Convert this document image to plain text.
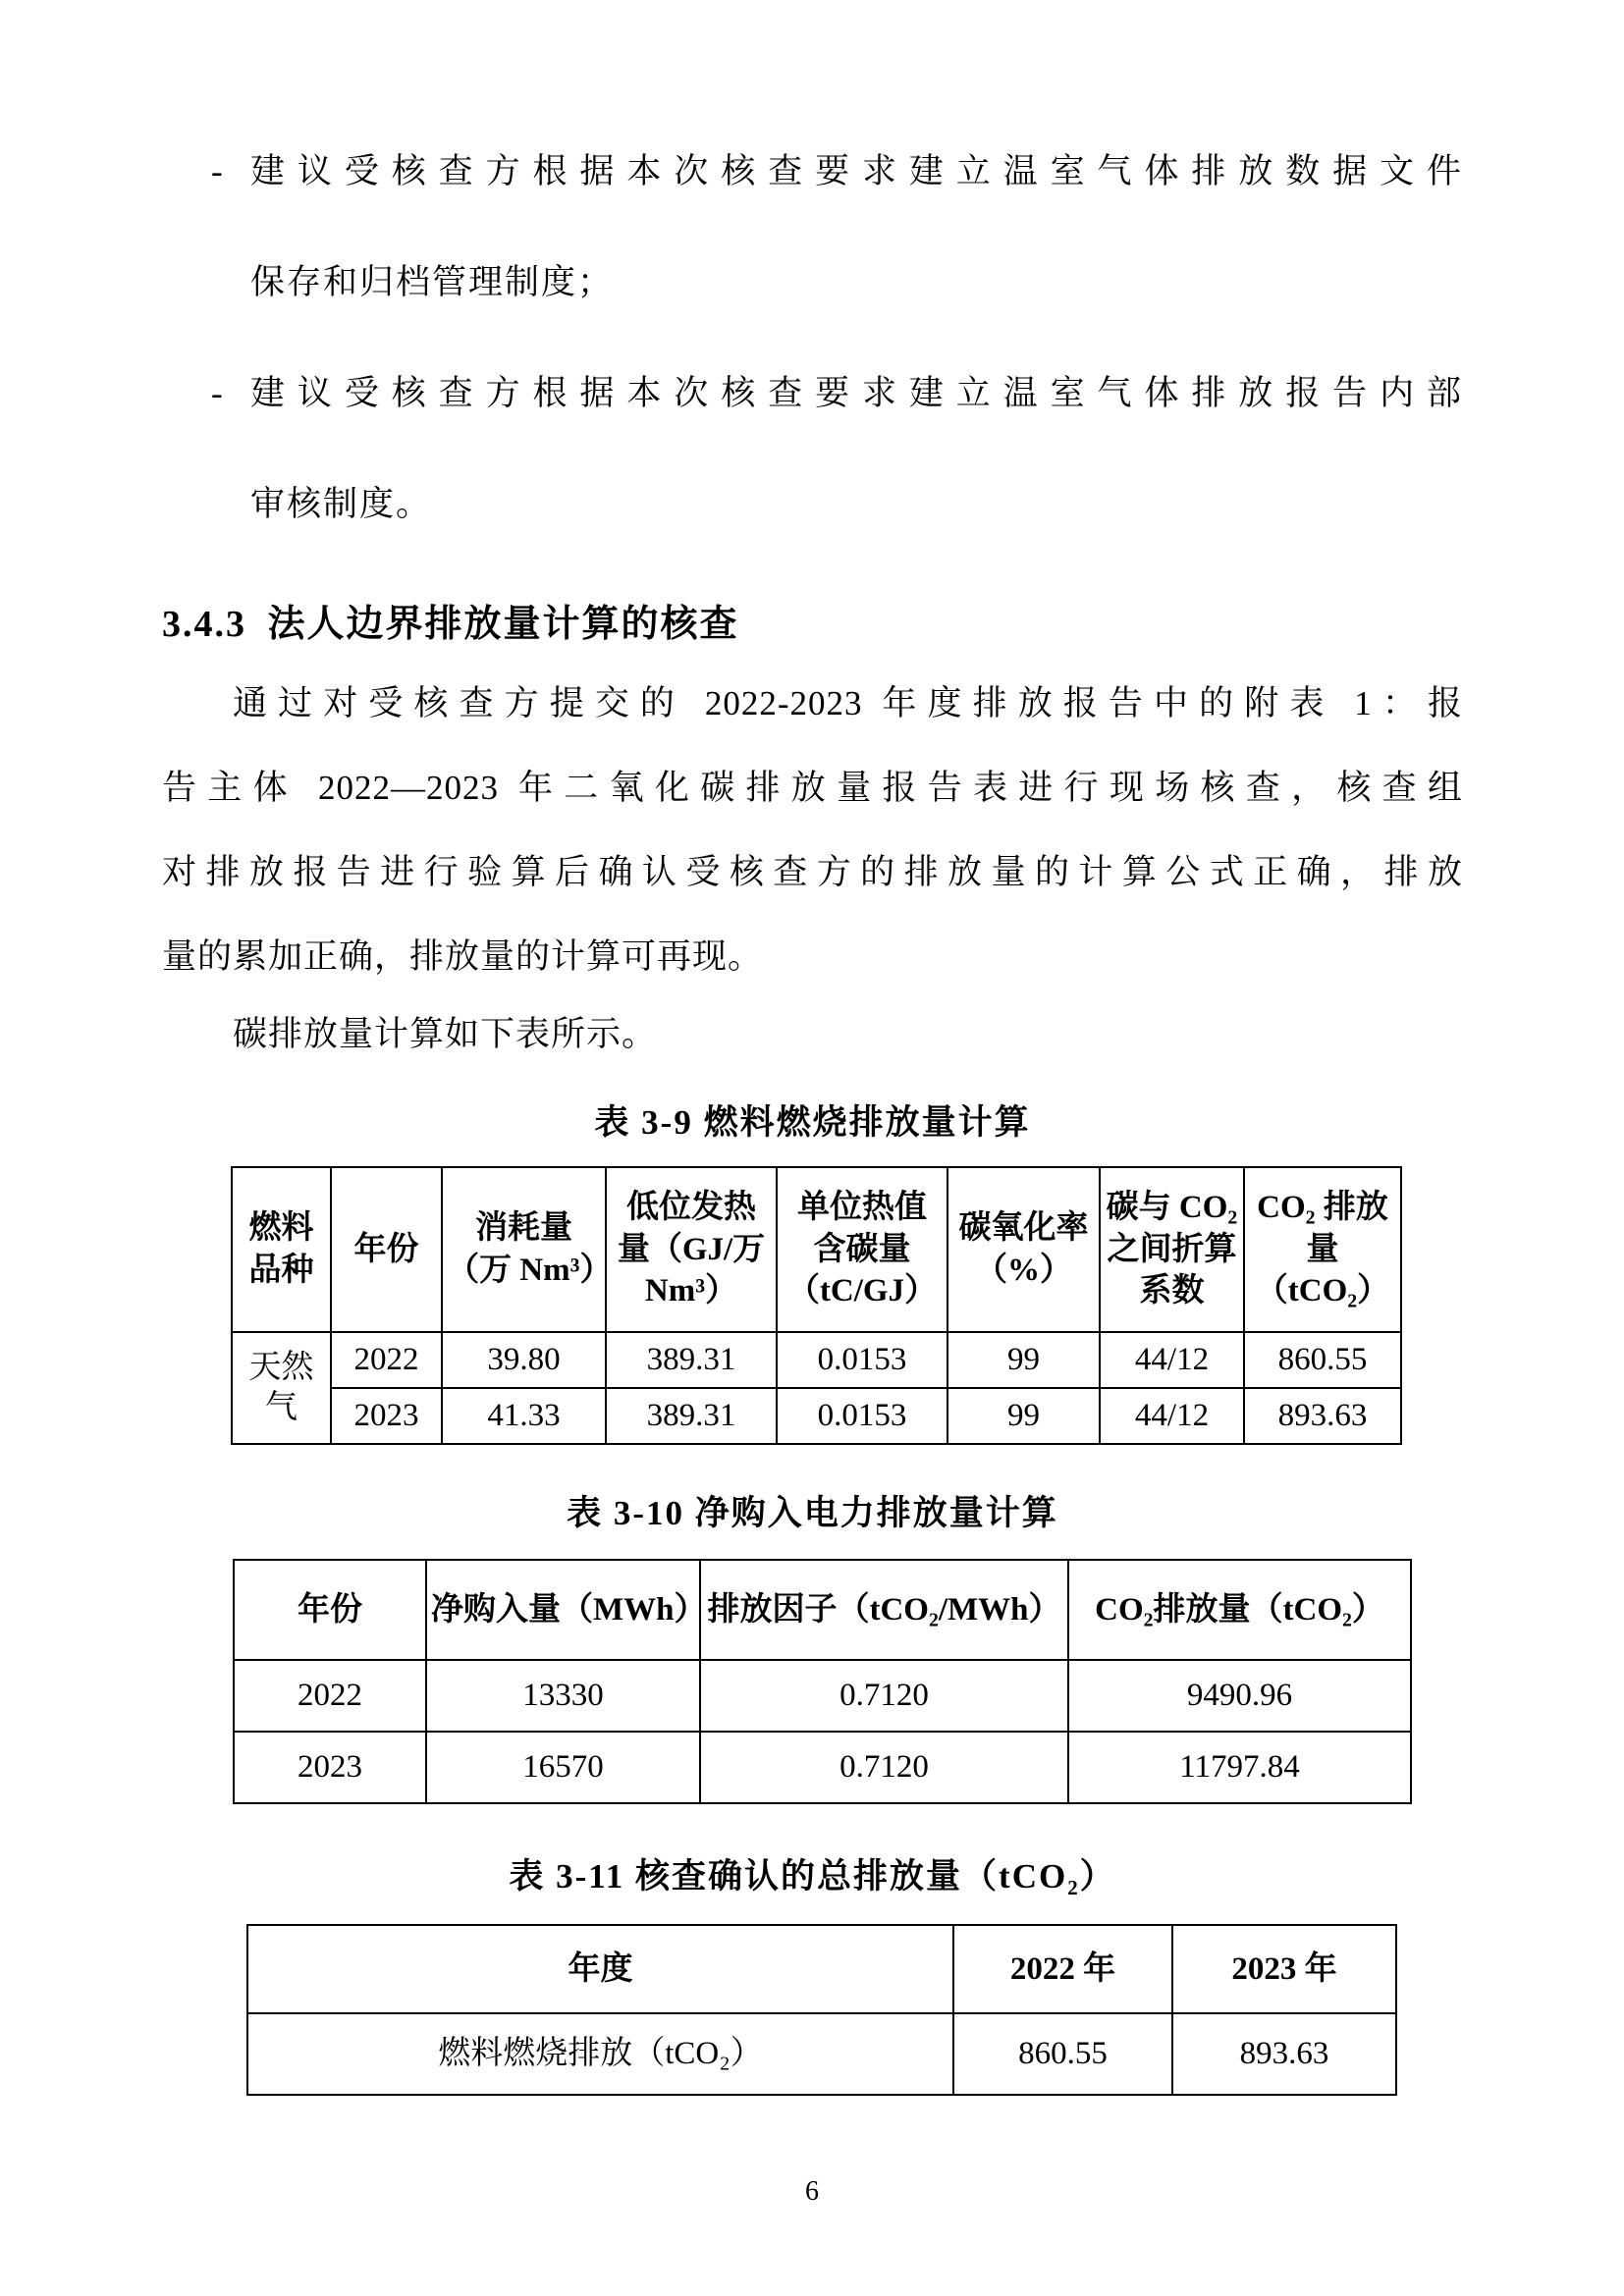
- 建议受核查方根据本次核查要求建立温室气体排放数据文件
保存和归档管理制度；
- 建议受核查方根据本次核查要求建立温室气体排放报告内部
审核制度。
3.4.3 法人边界排放量计算的核查
通过对受核查方提交的 2022-2023 年度排放报告中的附表 1：报
告主体 2022—2023 年二氧化碳排放量报告表进行现场核查，核查组
对排放报告进行验算后确认受核查方的排放量的计算公式正确，排放
量的累加正确，排放量的计算可再现。
碳排放量计算如下表所示。
表 3-9 燃料燃烧排放量计算
燃料品种	年份	消耗量（万 Nm³）	低位发热量（GJ/万 Nm³）	单位热值含碳量（tC/GJ）	碳氧化率（%）	碳与 CO₂ 之间折算系数	CO₂ 排放量（tCO₂）
天然气	2022	39.80	389.31	0.0153	99	44/12	860.55
	2023	41.33	389.31	0.0153	99	44/12	893.63
表 3-10 净购入电力排放量计算
年份	净购入量（MWh）	排放因子（tCO₂/MWh）	CO₂排放量（tCO₂）
2022	13330	0.7120	9490.96
2023	16570	0.7120	11797.84
表 3-11 核查确认的总排放量（tCO₂）
年度	2022 年	2023 年
燃料燃烧排放（tCO₂）	860.55	893.63
6
